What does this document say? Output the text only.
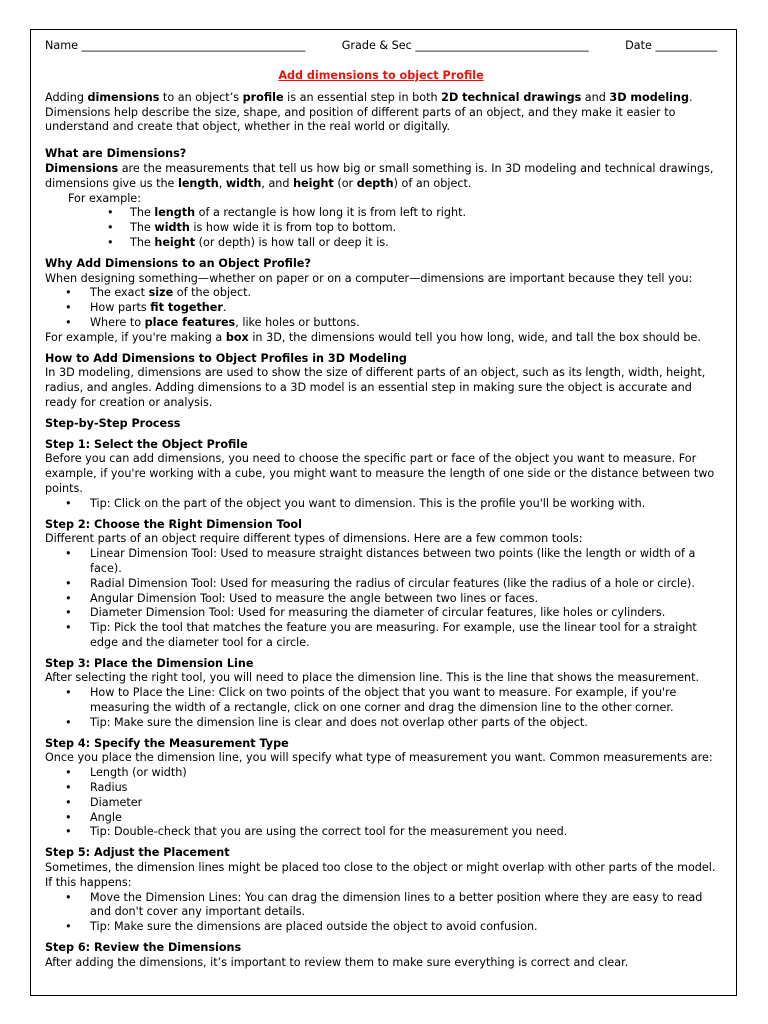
Name ________________________________________	Grade & Sec _______________________________	Date ___________
Add dimensions to object Profile

Adding dimensions to an object’s profile is an essential step in both 2D technical drawings and 3D modeling. Dimensions help describe the size, shape, and position of different parts of an object, and they make it easier to understand and create that object, whether in the real world or digitally.

What are Dimensions?

Dimensions are the measurements that tell us how big or small something is. In 3D modeling and technical drawings, dimensions give us the length, width, and height (or depth) of an object.

For example:

• The length of a rectangle is how long it is from left to right.
• The width is how wide it is from top to bottom.
• The height (or depth) is how tall or deep it is.

Why Add Dimensions to an Object Profile?

When designing something—whether on paper or on a computer—dimensions are important because they tell you:

• The exact size of the object.
• How parts fit together.
• Where to place features, like holes or buttons.

For example, if you're making a box in 3D, the dimensions would tell you how long, wide, and tall the box should be.

How to Add Dimensions to Object Profiles in 3D Modeling

In 3D modeling, dimensions are used to show the size of different parts of an object, such as its length, width, height, radius, and angles. Adding dimensions to a 3D model is an essential step in making sure the object is accurate and ready for creation or analysis.

Step-by-Step Process

Step 1: Select the Object Profile

Before you can add dimensions, you need to choose the specific part or face of the object you want to measure. For example, if you're working with a cube, you might want to measure the length of one side or the distance between two points.

• Tip: Click on the part of the object you want to dimension. This is the profile you'll be working with.

Step 2: Choose the Right Dimension Tool

Different parts of an object require different types of dimensions. Here are a few common tools:

• Linear Dimension Tool: Used to measure straight distances between two points (like the length or width of a face).
• Radial Dimension Tool: Used for measuring the radius of circular features (like the radius of a hole or circle).
• Angular Dimension Tool: Used to measure the angle between two lines or faces.
• Diameter Dimension Tool: Used for measuring the diameter of circular features, like holes or cylinders.
• Tip: Pick the tool that matches the feature you are measuring. For example, use the linear tool for a straight edge and the diameter tool for a circle.

Step 3: Place the Dimension Line

After selecting the right tool, you will need to place the dimension line. This is the line that shows the measurement.

• How to Place the Line: Click on two points of the object that you want to measure. For example, if you're measuring the width of a rectangle, click on one corner and drag the dimension line to the other corner.
• Tip: Make sure the dimension line is clear and does not overlap other parts of the object.

Step 4: Specify the Measurement Type

Once you place the dimension line, you will specify what type of measurement you want. Common measurements are:

• Length (or width)
• Radius
• Diameter
• Angle
• Tip: Double-check that you are using the correct tool for the measurement you need.

Step 5: Adjust the Placement

Sometimes, the dimension lines might be placed too close to the object or might overlap with other parts of the model. If this happens:

• Move the Dimension Lines: You can drag the dimension lines to a better position where they are easy to read and don't cover any important details.
• Tip: Make sure the dimensions are placed outside the object to avoid confusion.

Step 6: Review the Dimensions

After adding the dimensions, it’s important to review them to make sure everything is correct and clear.
